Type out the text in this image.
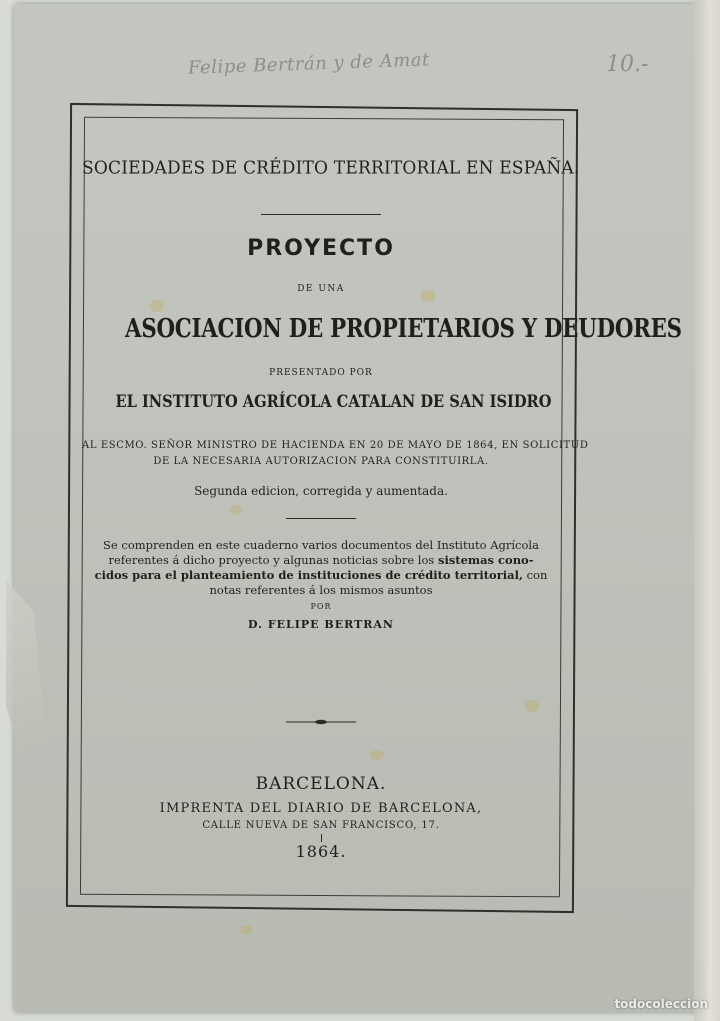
Felipe Bertrán y de Amat	10.-
SOCIEDADES DE CRÉDITO TERRITORIAL EN ESPAÑA.
PROYECTO
DE UNA
ASOCIACION DE PROPIETARIOS Y DEUDORES
PRESENTADO POR
EL INSTITUTO AGRÍCOLA CATALAN DE SAN ISIDRO
AL ESCMO. SEÑOR MINISTRO DE HACIENDA EN 20 DE MAYO DE 1864, EN SOLICITUD
DE LA NECESARIA AUTORIZACION PARA CONSTITUIRLA.
Segunda edicion, corregida y aumentada.
Se comprenden en este cuaderno varios documentos del Instituto Agrícola
referentes á dicho proyecto y algunas noticias sobre los sistemas cono-
cidos para el planteamiento de instituciones de crédito territorial, con
notas referentes á los mismos asuntos
POR
D. FELIPE BERTRAN
BARCELONA.
IMPRENTA DEL DIARIO DE BARCELONA,
CALLE NUEVA DE SAN FRANCISCO, 17.
1864.
todocoleccion
